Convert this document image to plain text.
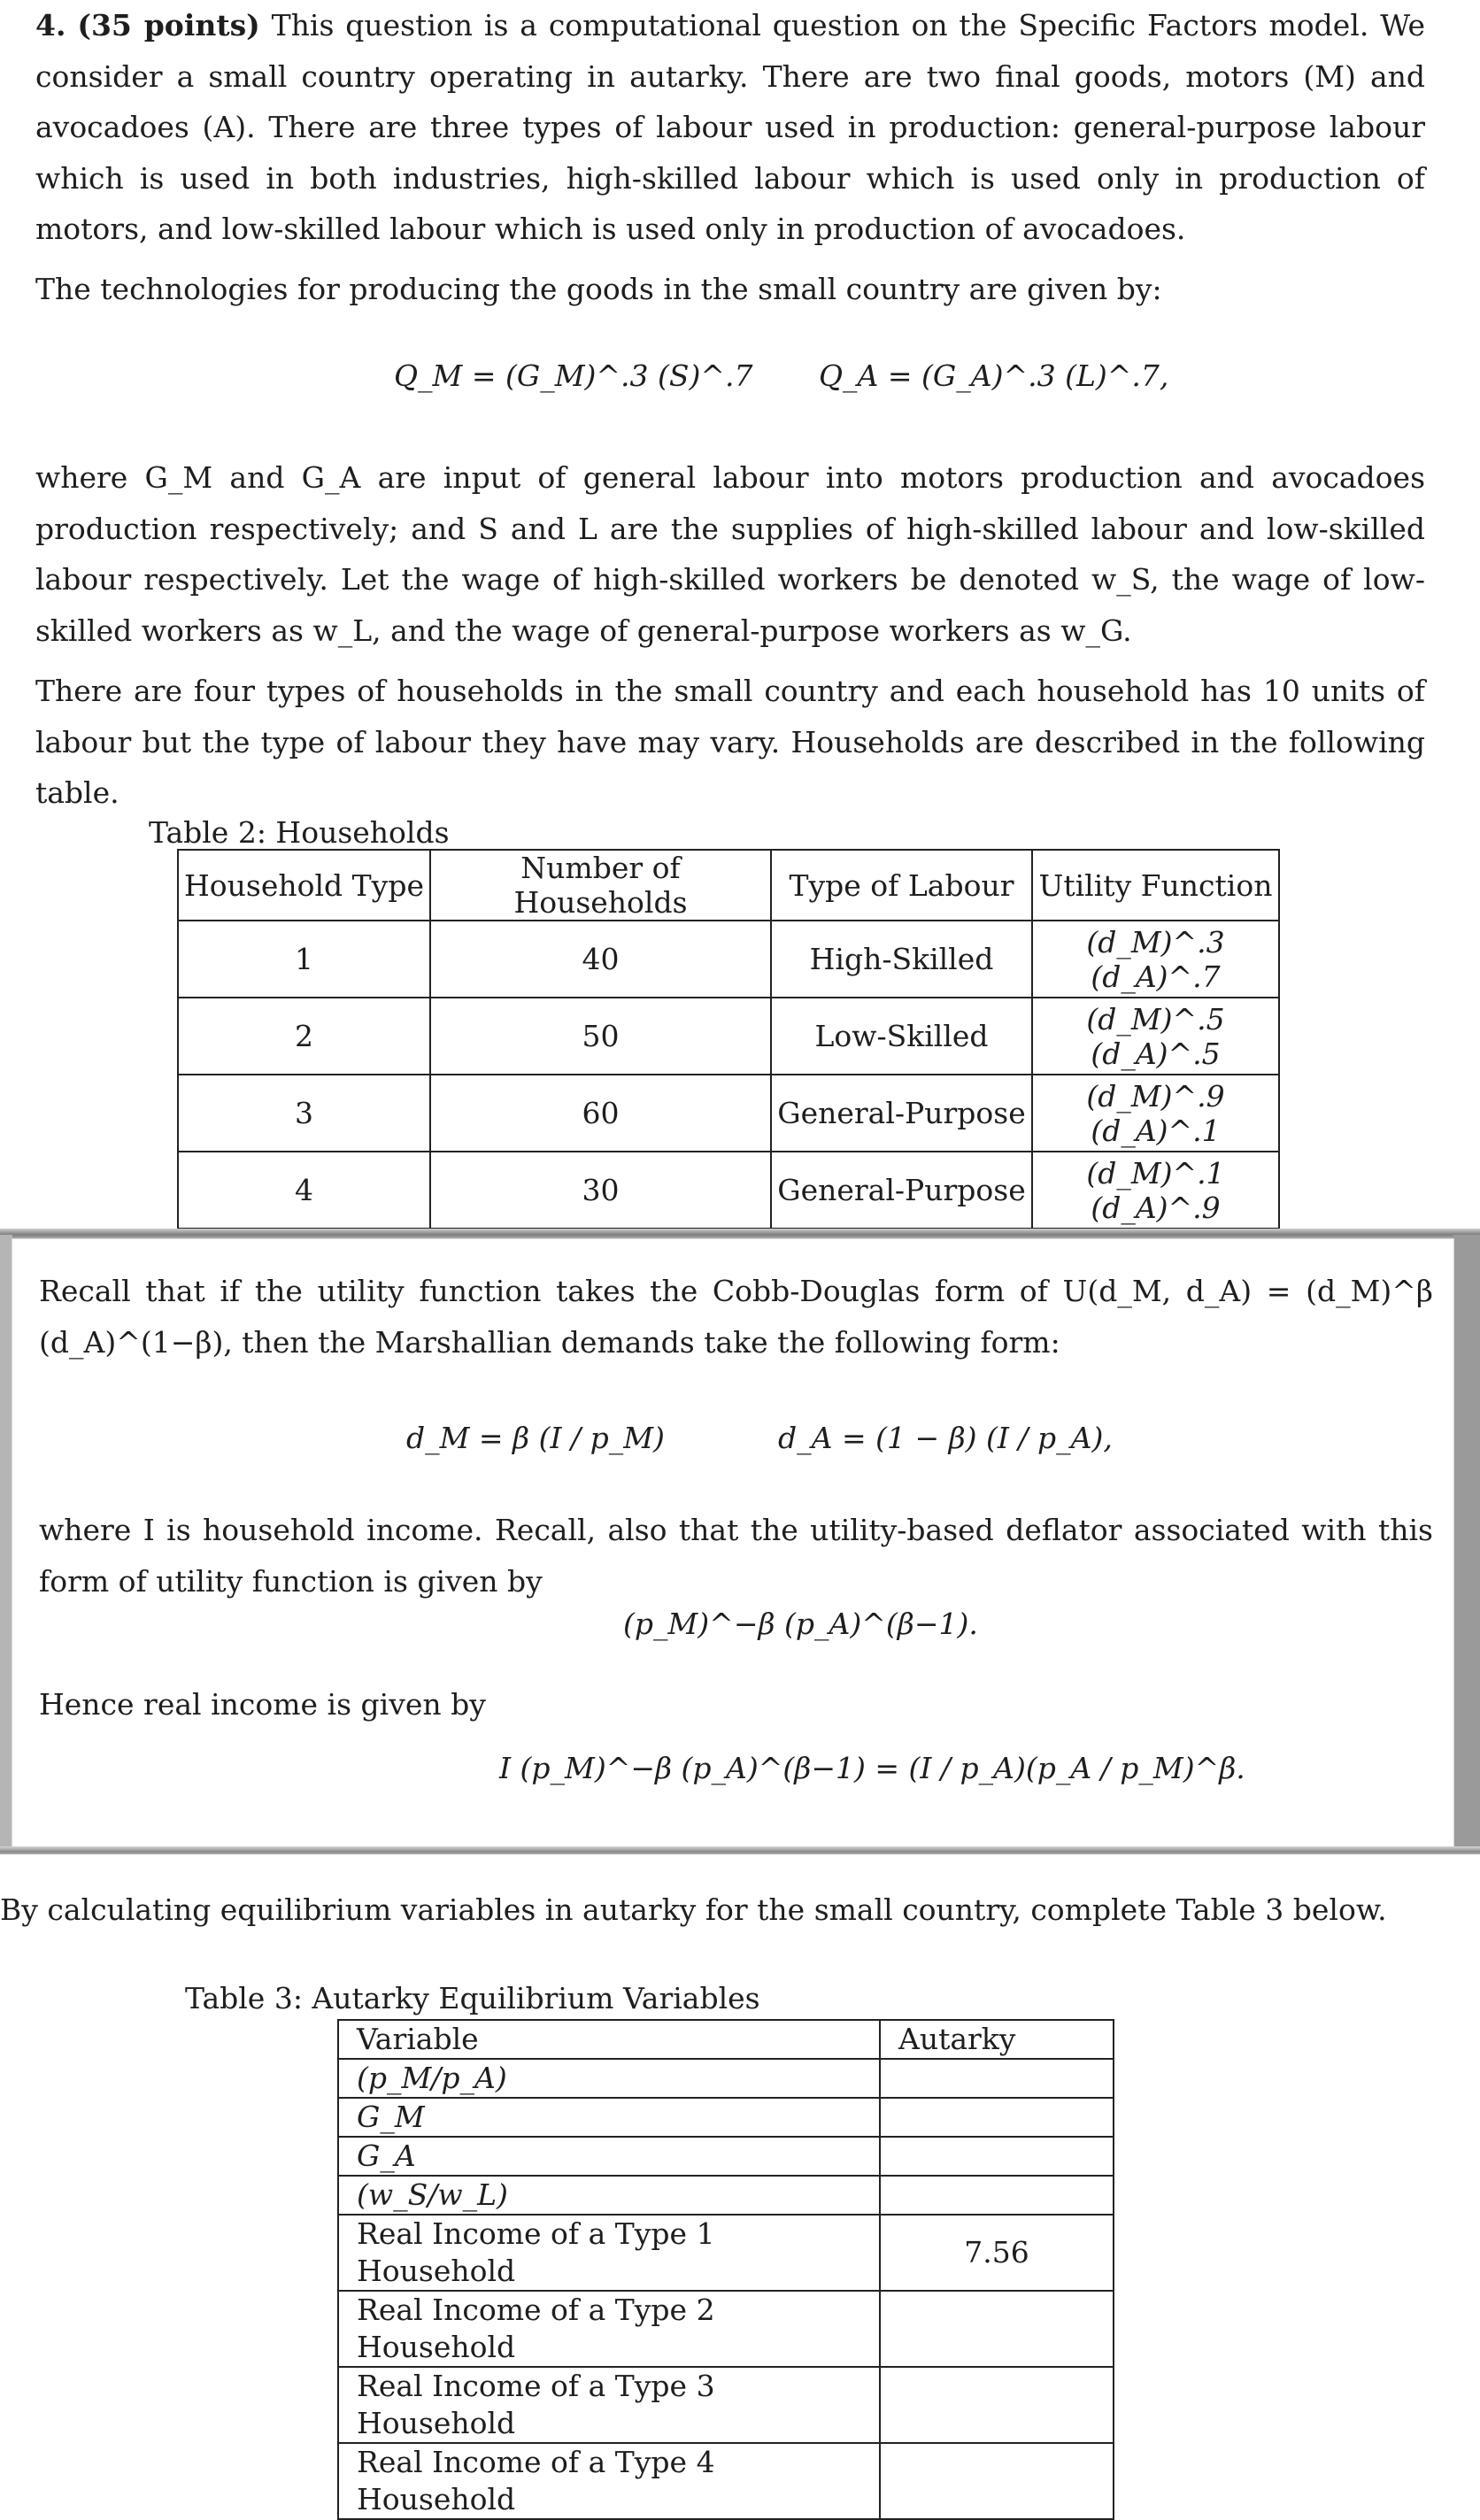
4. (35 points) This question is a computational question on the Specific Factors model. We consider a small country operating in autarky. There are two final goods, motors (M) and avocadoes (A). There are three types of labour used in production: general-purpose labour which is used in both industries, high-skilled labour which is used only in production of motors, and low-skilled labour which is used only in production of avocadoes.
The technologies for producing the goods in the small country are given by:
Q_M = (G_M)^.3 (S)^.7 Q_A = (G_A)^.3 (L)^.7,
where G_M and G_A are input of general labour into motors production and avocadoes production respectively; and S and L are the supplies of high-skilled labour and low-skilled labour respectively. Let the wage of high-skilled workers be denoted w_S, the wage of low-skilled workers as w_L, and the wage of general-purpose workers as w_G.
There are four types of households in the small country and each household has 10 units of labour but the type of labour they have may vary. Households are described in the following table.
Table 2: Households
Household Type	Number of Households	Type of Labour	Utility Function
1	40	High-Skilled	(d_M)^.3 (d_A)^.7
2	50	Low-Skilled	(d_M)^.5 (d_A)^.5
3	60	General-Purpose	(d_M)^.9 (d_A)^.1
4	30	General-Purpose	(d_M)^.1 (d_A)^.9
Recall that if the utility function takes the Cobb-Douglas form of U(d_M, d_A) = (d_M)^β (d_A)^(1−β), then the Marshallian demands take the following form:
d_M = β (I / p_M)	d_A = (1 − β) (I / p_A),
where I is household income. Recall, also that the utility-based deflator associated with this form of utility function is given by
(p_M)^−β (p_A)^(β−1).
Hence real income is given by
I (p_M)^−β (p_A)^(β−1) = (I / p_A)(p_A / p_M)^β.
By calculating equilibrium variables in autarky for the small country, complete Table 3 below.
Table 3: Autarky Equilibrium Variables
Variable	Autarky
(p_M/p_A)	
G_M	
G_A	
(w_S/w_L)	
Real Income of a Type 1 Household	7.56
Real Income of a Type 2 Household	
Real Income of a Type 3 Household	
Real Income of a Type 4 Household	
